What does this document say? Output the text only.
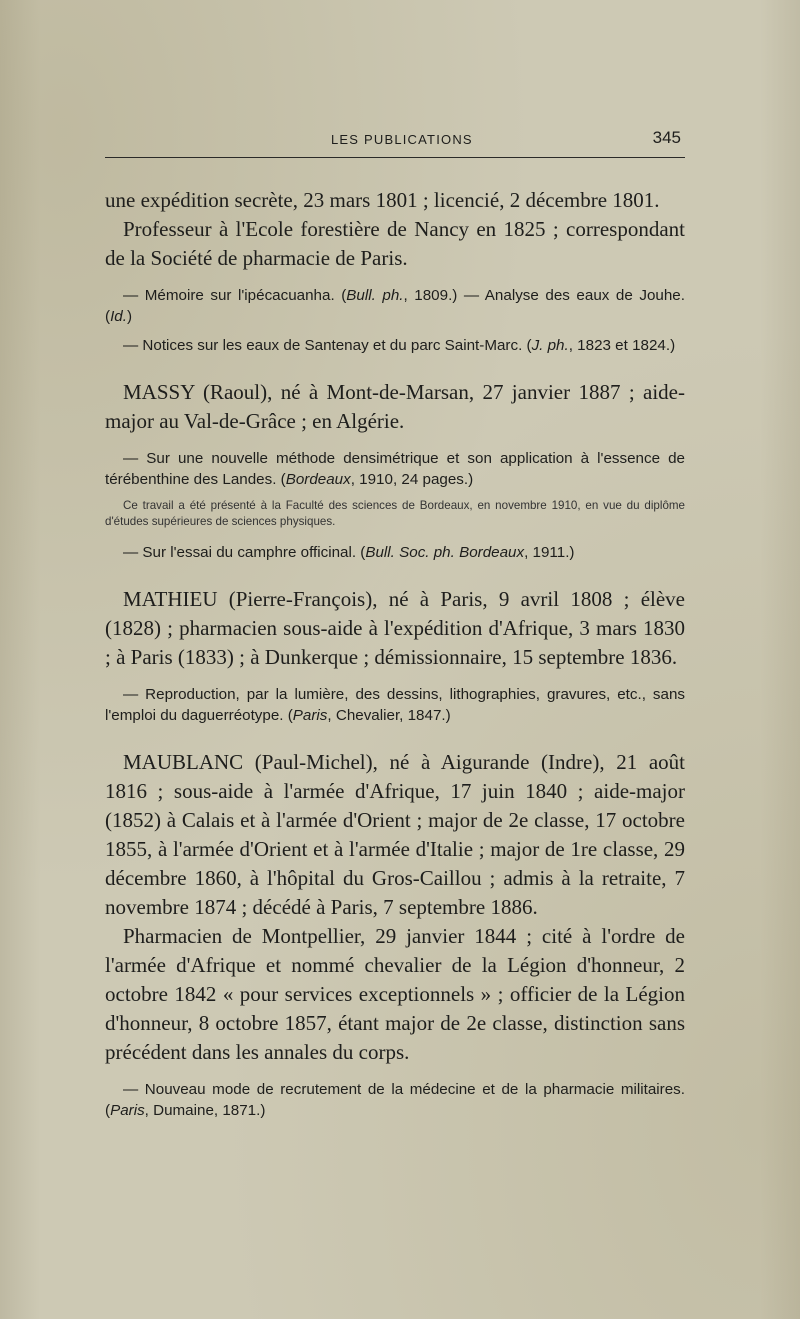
LES PUBLICATIONS	345

une expédition secrète, 23 mars 1801 ; licencié, 2 décembre 1801.

Professeur à l'Ecole forestière de Nancy en 1825 ; correspondant de la Société de pharmacie de Paris.

— Mémoire sur l'ipécacuanha. (Bull. ph., 1809.) — Analyse des eaux de Jouhe. (Id.)

— Notices sur les eaux de Santenay et du parc Saint-Marc. (J. ph., 1823 et 1824.)

MASSY (Raoul), né à Mont-de-Marsan, 27 janvier 1887 ; aide-major au Val-de-Grâce ; en Algérie.

— Sur une nouvelle méthode densimétrique et son application à l'essence de térébenthine des Landes. (Bordeaux, 1910, 24 pages.)

Ce travail a été présenté à la Faculté des sciences de Bordeaux, en novembre 1910, en vue du diplôme d'études supérieures de sciences physiques.

— Sur l'essai du camphre officinal. (Bull. Soc. ph. Bordeaux, 1911.)

MATHIEU (Pierre-François), né à Paris, 9 avril 1808 ; élève (1828) ; pharmacien sous-aide à l'expédition d'Afrique, 3 mars 1830 ; à Paris (1833) ; à Dunkerque ; démissionnaire, 15 septembre 1836.

— Reproduction, par la lumière, des dessins, lithographies, gravures, etc., sans l'emploi du daguerréotype. (Paris, Chevalier, 1847.)

MAUBLANC (Paul-Michel), né à Aigurande (Indre), 21 août 1816 ; sous-aide à l'armée d'Afrique, 17 juin 1840 ; aide-major (1852) à Calais et à l'armée d'Orient ; major de 2e classe, 17 octobre 1855, à l'armée d'Orient et à l'armée d'Italie ; major de 1re classe, 29 décembre 1860, à l'hôpital du Gros-Caillou ; admis à la retraite, 7 novembre 1874 ; décédé à Paris, 7 septembre 1886.

Pharmacien de Montpellier, 29 janvier 1844 ; cité à l'ordre de l'armée d'Afrique et nommé chevalier de la Légion d'honneur, 2 octobre 1842 « pour services exceptionnels » ; officier de la Légion d'honneur, 8 octobre 1857, étant major de 2e classe, distinction sans précédent dans les annales du corps.

— Nouveau mode de recrutement de la médecine et de la pharmacie militaires. (Paris, Dumaine, 1871.)
